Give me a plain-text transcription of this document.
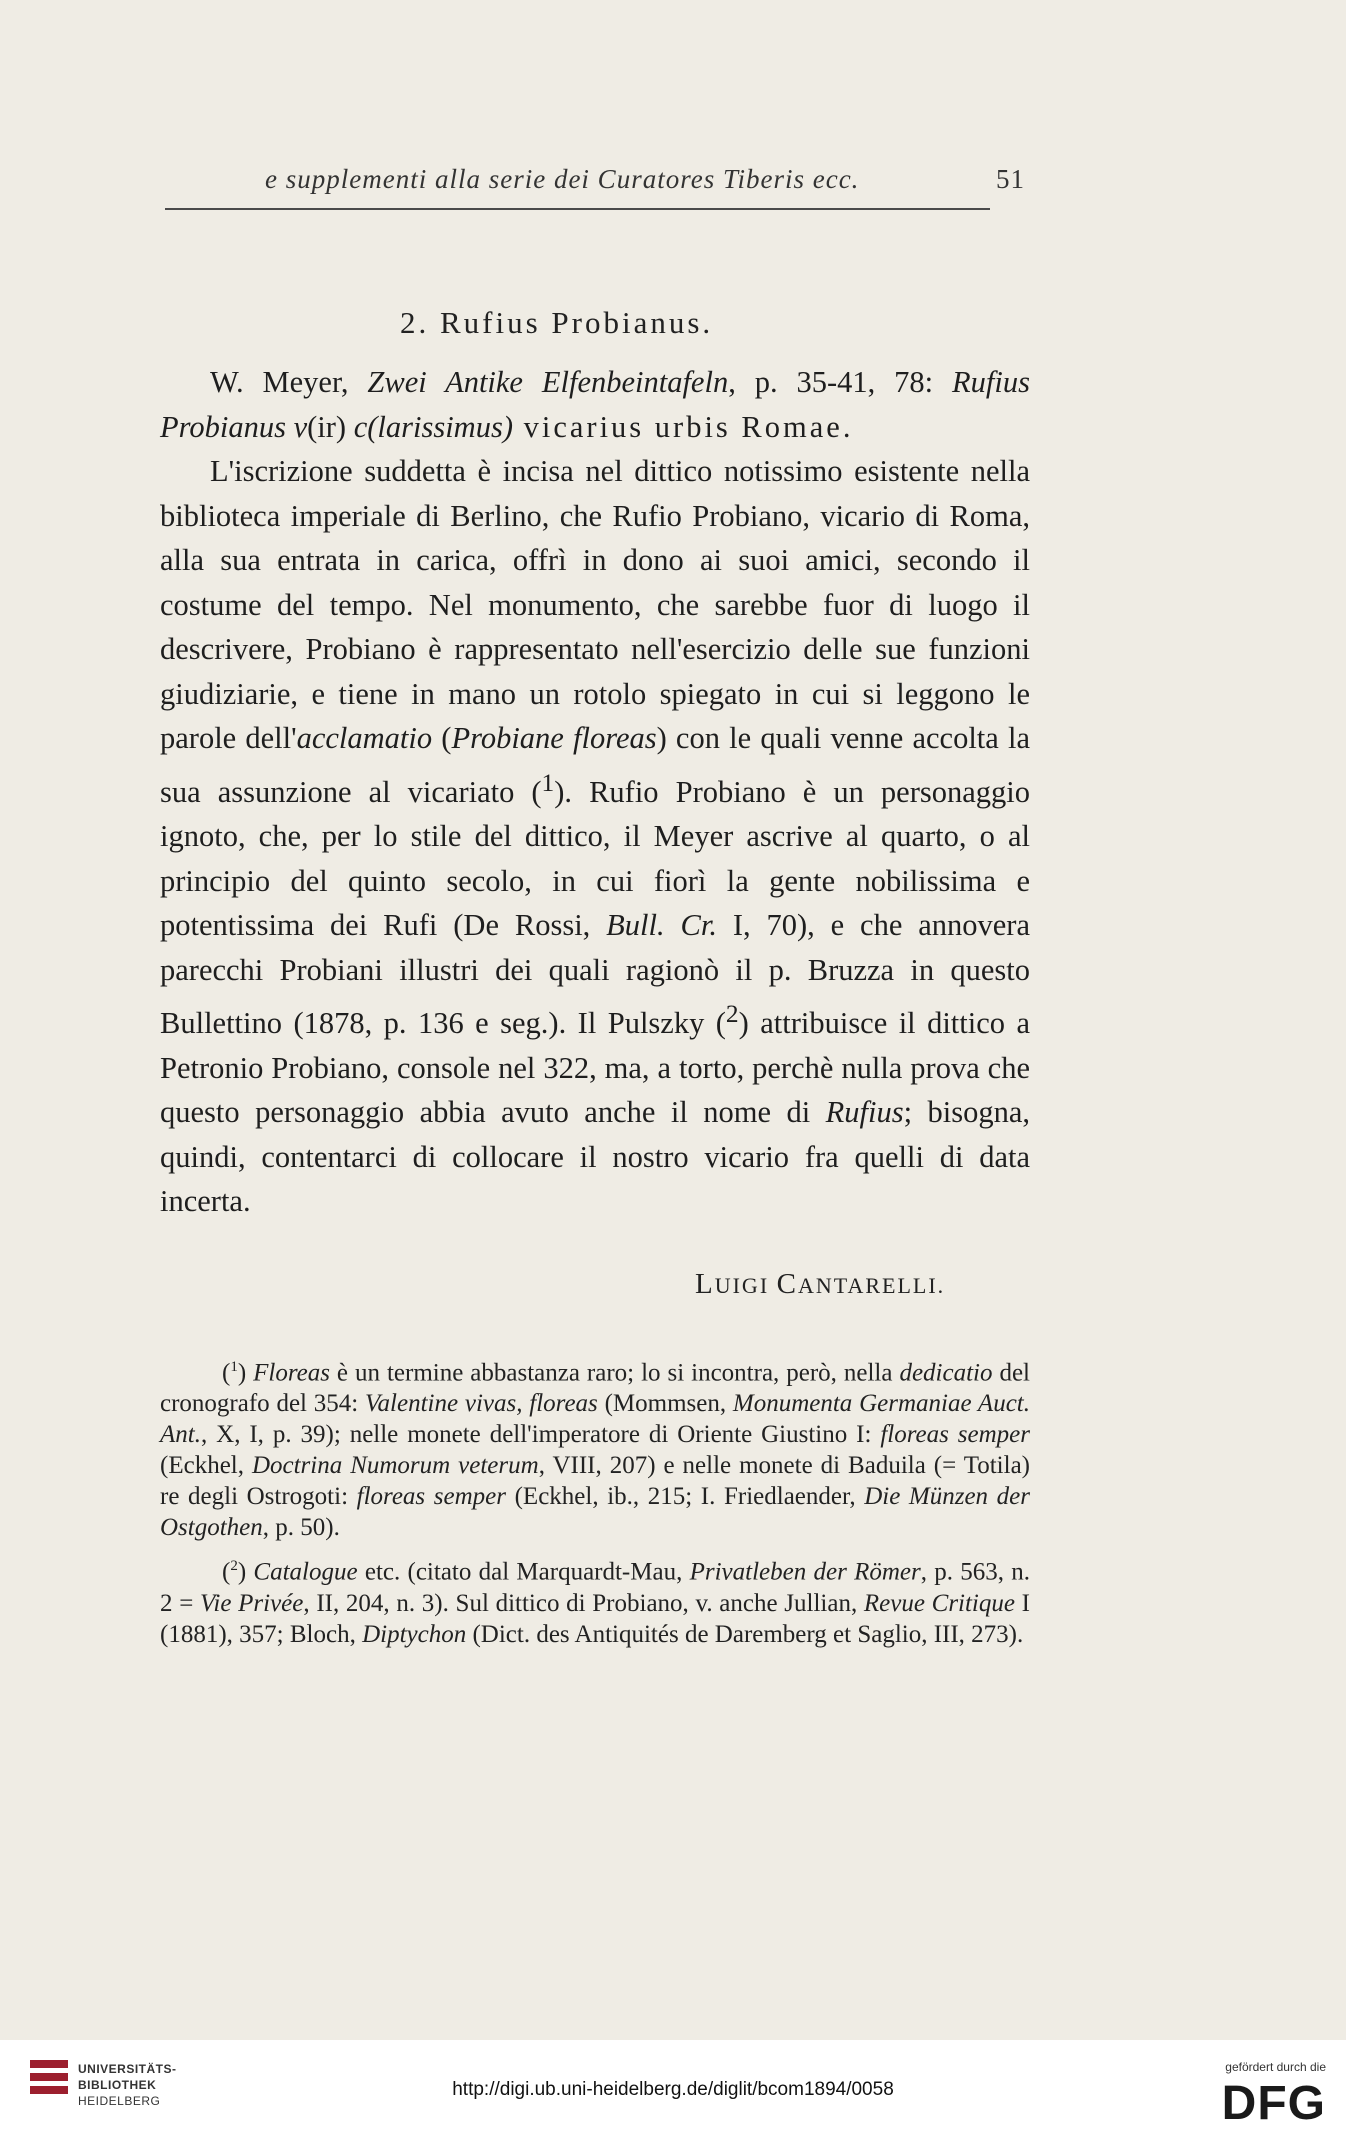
e supplementi alla serie dei Curatores Tiberis ecc.	51
2. Rufius Probianus.

W. Meyer, Zwei Antike Elfenbeintafeln, p. 35-41, 78: Rufius Probianus v(ir) c(larissimus) vicarius urbis Romae.

L'iscrizione suddetta è incisa nel dittico notissimo esistente nella biblioteca imperiale di Berlino, che Rufio Probiano, vicario di Roma, alla sua entrata in carica, offrì in dono ai suoi amici, secondo il costume del tempo. Nel monumento, che sarebbe fuor di luogo il descrivere, Probiano è rappresentato nell'esercizio delle sue funzioni giudiziarie, e tiene in mano un rotolo spiegato in cui si leggono le parole dell'acclamatio (Probiane floreas) con le quali venne accolta la sua assunzione al vicariato ($^1$). Rufio Probiano è un personaggio ignoto, che, per lo stile del dittico, il Meyer ascrive al quarto, o al principio del quinto secolo, in cui fiorì la gente nobilissima e potentissima dei Rufi (De Rossi, Bull. Cr. I, 70), e che annovera parecchi Probiani illustri dei quali ragionò il p. Bruzza in questo Bullettino (1878, p. 136 e seg.). Il Pulszky ($^2$) attribuisce il dittico a Petronio Probiano, console nel 322, ma, a torto, perchè nulla prova che questo personaggio abbia avuto anche il nome di Rufius; bisogna, quindi, contentarci di collocare il nostro vicario fra quelli di data incerta.

LUIGI CANTARELLI.

($^1$) Floreas è un termine abbastanza raro; lo si incontra, però, nella dedicatio del cronografo del 354: Valentine vivas, floreas (Mommsen, Monumenta Germaniae Auct. Ant., X, I, p. 39); nelle monete dell'imperatore di Oriente Giustino I: floreas semper (Eckhel, Doctrina Numorum veterum, VIII, 207) e nelle monete di Baduila (= Totila) re degli Ostrogoti: floreas semper (Eckhel, ib., 215; I. Friedlaender, Die Münzen der Ostgothen, p. 50).

($^2$) Catalogue etc. (citato dal Marquardt-Mau, Privatleben der Römer, p. 563, n. 2 = Vie Privée, II, 204, n. 3). Sul dittico di Probiano, v. anche Jullian, Revue Critique I (1881), 357; Bloch, Diptychon (Dict. des Antiquités de Daremberg et Saglio, III, 273).

UNIVERSITÄTS-
BIBLIOTHEK
HEIDELBERG
http://digi.ub.uni-heidelberg.de/diglit/bcom1894/0058
gefördert durch die
DFG
